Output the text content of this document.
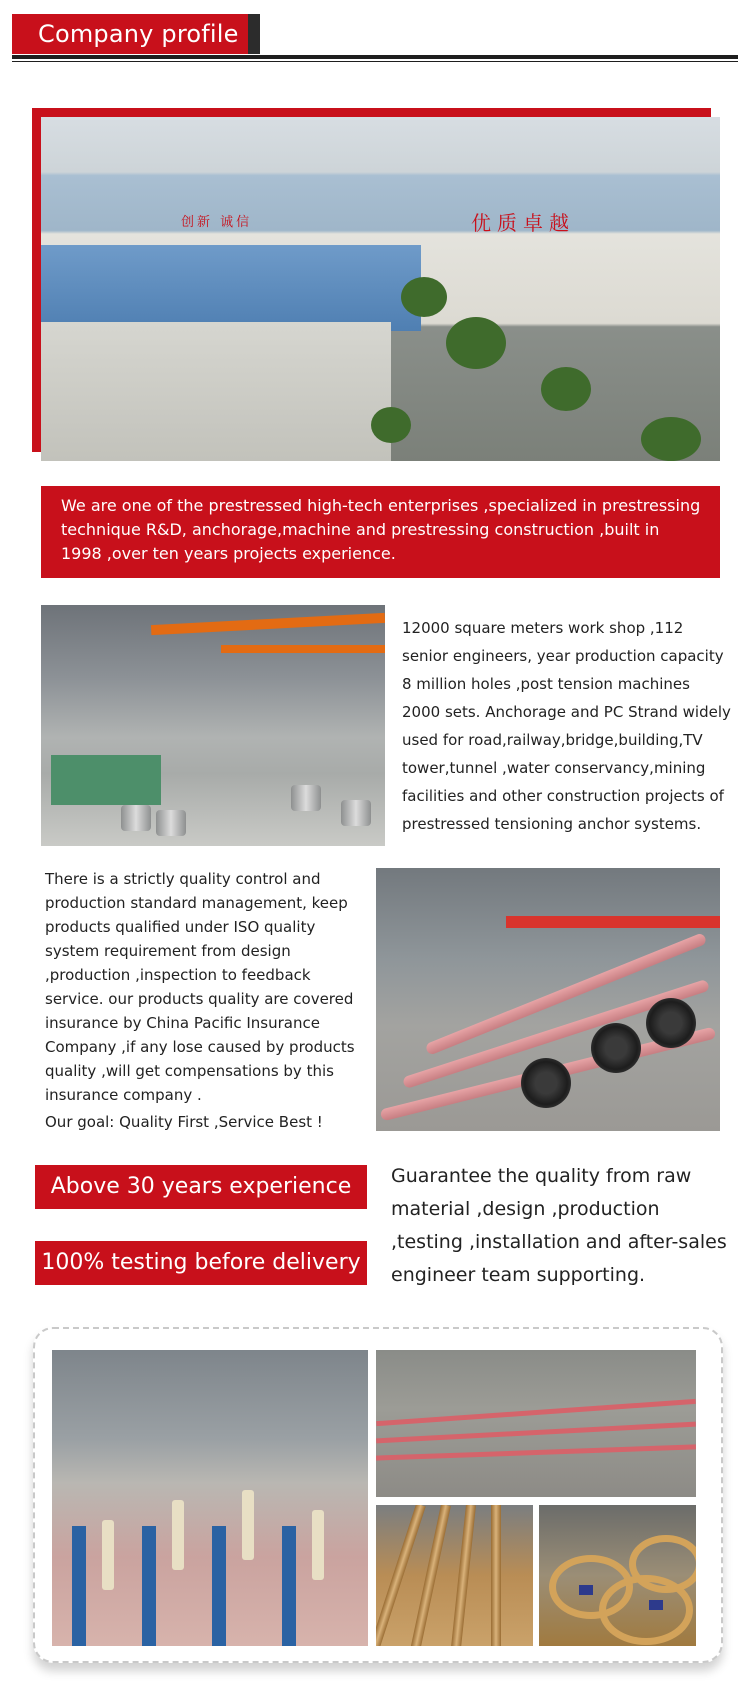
Company profile
优质卓越
创新 诚信
We are one of the prestressed high-tech enterprises ,specialized in prestressing technique R&D, anchorage,machine and prestressing construction ,built in 1998 ,over ten years projects experience.
12000 square meters work shop ,112 senior engineers, year production capacity 8 million holes ,post tension machines 2000 sets. Anchorage and PC Strand widely used for road,railway,bridge,building,TV tower,tunnel ,water conservancy,mining facilities and other construction projects of prestressed tensioning anchor systems.
There is a strictly quality control and production standard management, keep products qualified under ISO quality system requirement from design ,production ,inspection to feedback service. our products quality are covered insurance by China Pacific Insurance Company ,if any lose caused by products quality ,will get compensations by this insurance company .
Our goal: Quality First ,Service Best !
Above 30 years experience
100% testing before delivery
Guarantee the quality from raw material ,design ,production ,testing ,installation and after-sales engineer team supporting.
